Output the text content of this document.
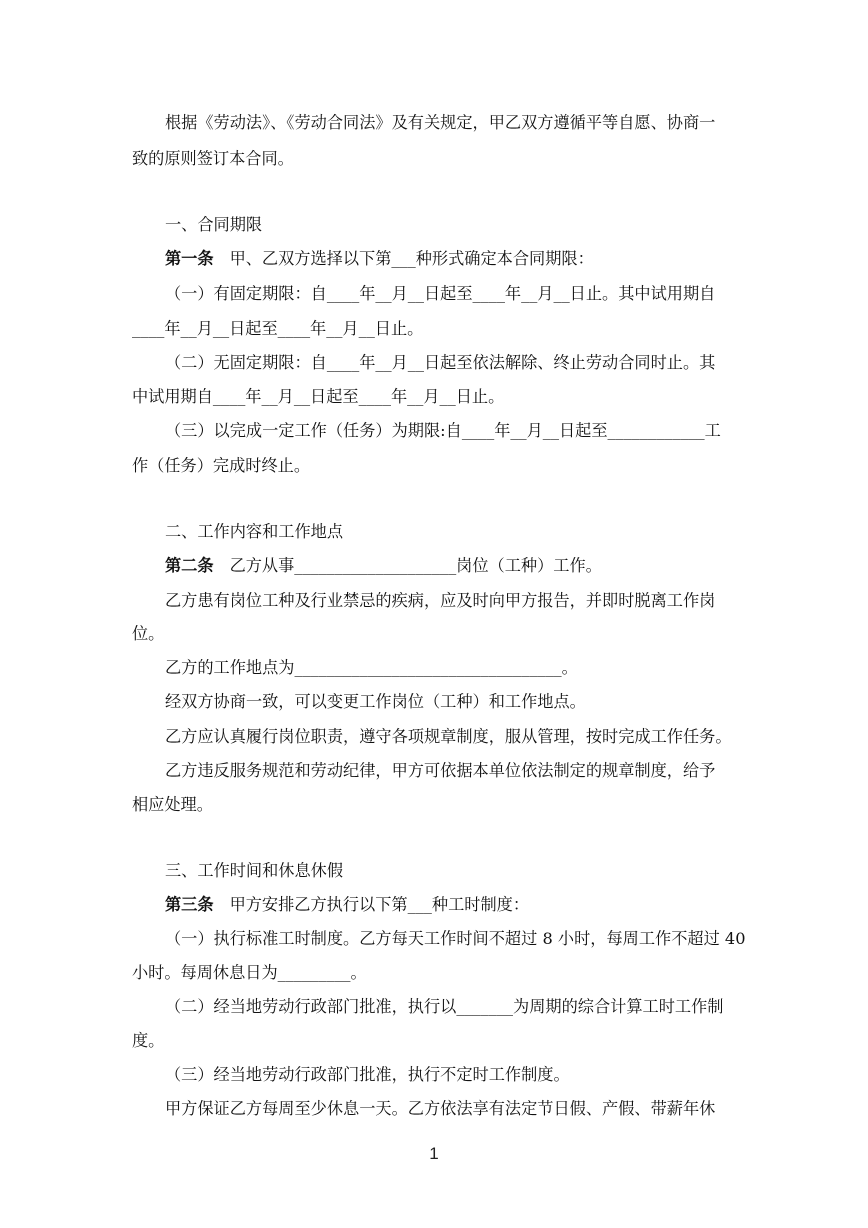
根据《劳动法》、《劳动合同法》及有关规定，甲乙双方遵循平等自愿、协商一
致的原则签订本合同。
一、合同期限
第一条 甲、乙双方选择以下第___种形式确定本合同期限：
（一）有固定期限：自____年__月__日起至____年__月__日止。其中试用期自
____年__月__日起至____年__月__日止。
（二）无固定期限：自____年__月__日起至依法解除、终止劳动合同时止。其
中试用期自____年__月__日起至____年__月__日止。
（三）以完成一定工作（任务）为期限:自____年__月__日起至____________工
作（任务）完成时终止。
二、工作内容和工作地点
第二条 乙方从事____________________岗位（工种）工作。
乙方患有岗位工种及行业禁忌的疾病，应及时向甲方报告，并即时脱离工作岗
位。
乙方的工作地点为_________________________________。
经双方协商一致，可以变更工作岗位（工种）和工作地点。
乙方应认真履行岗位职责，遵守各项规章制度，服从管理，按时完成工作任务。
乙方违反服务规范和劳动纪律，甲方可依据本单位依法制定的规章制度，给予
相应处理。
三、工作时间和休息休假
第三条 甲方安排乙方执行以下第___种工时制度：
（一）执行标准工时制度。乙方每天工作时间不超过 8 小时，每周工作不超过 40
小时。每周休息日为_________。
（二）经当地劳动行政部门批准，执行以_______为周期的综合计算工时工作制
度。
（三）经当地劳动行政部门批准，执行不定时工作制度。
甲方保证乙方每周至少休息一天。乙方依法享有法定节日假、产假、带薪年休
1
